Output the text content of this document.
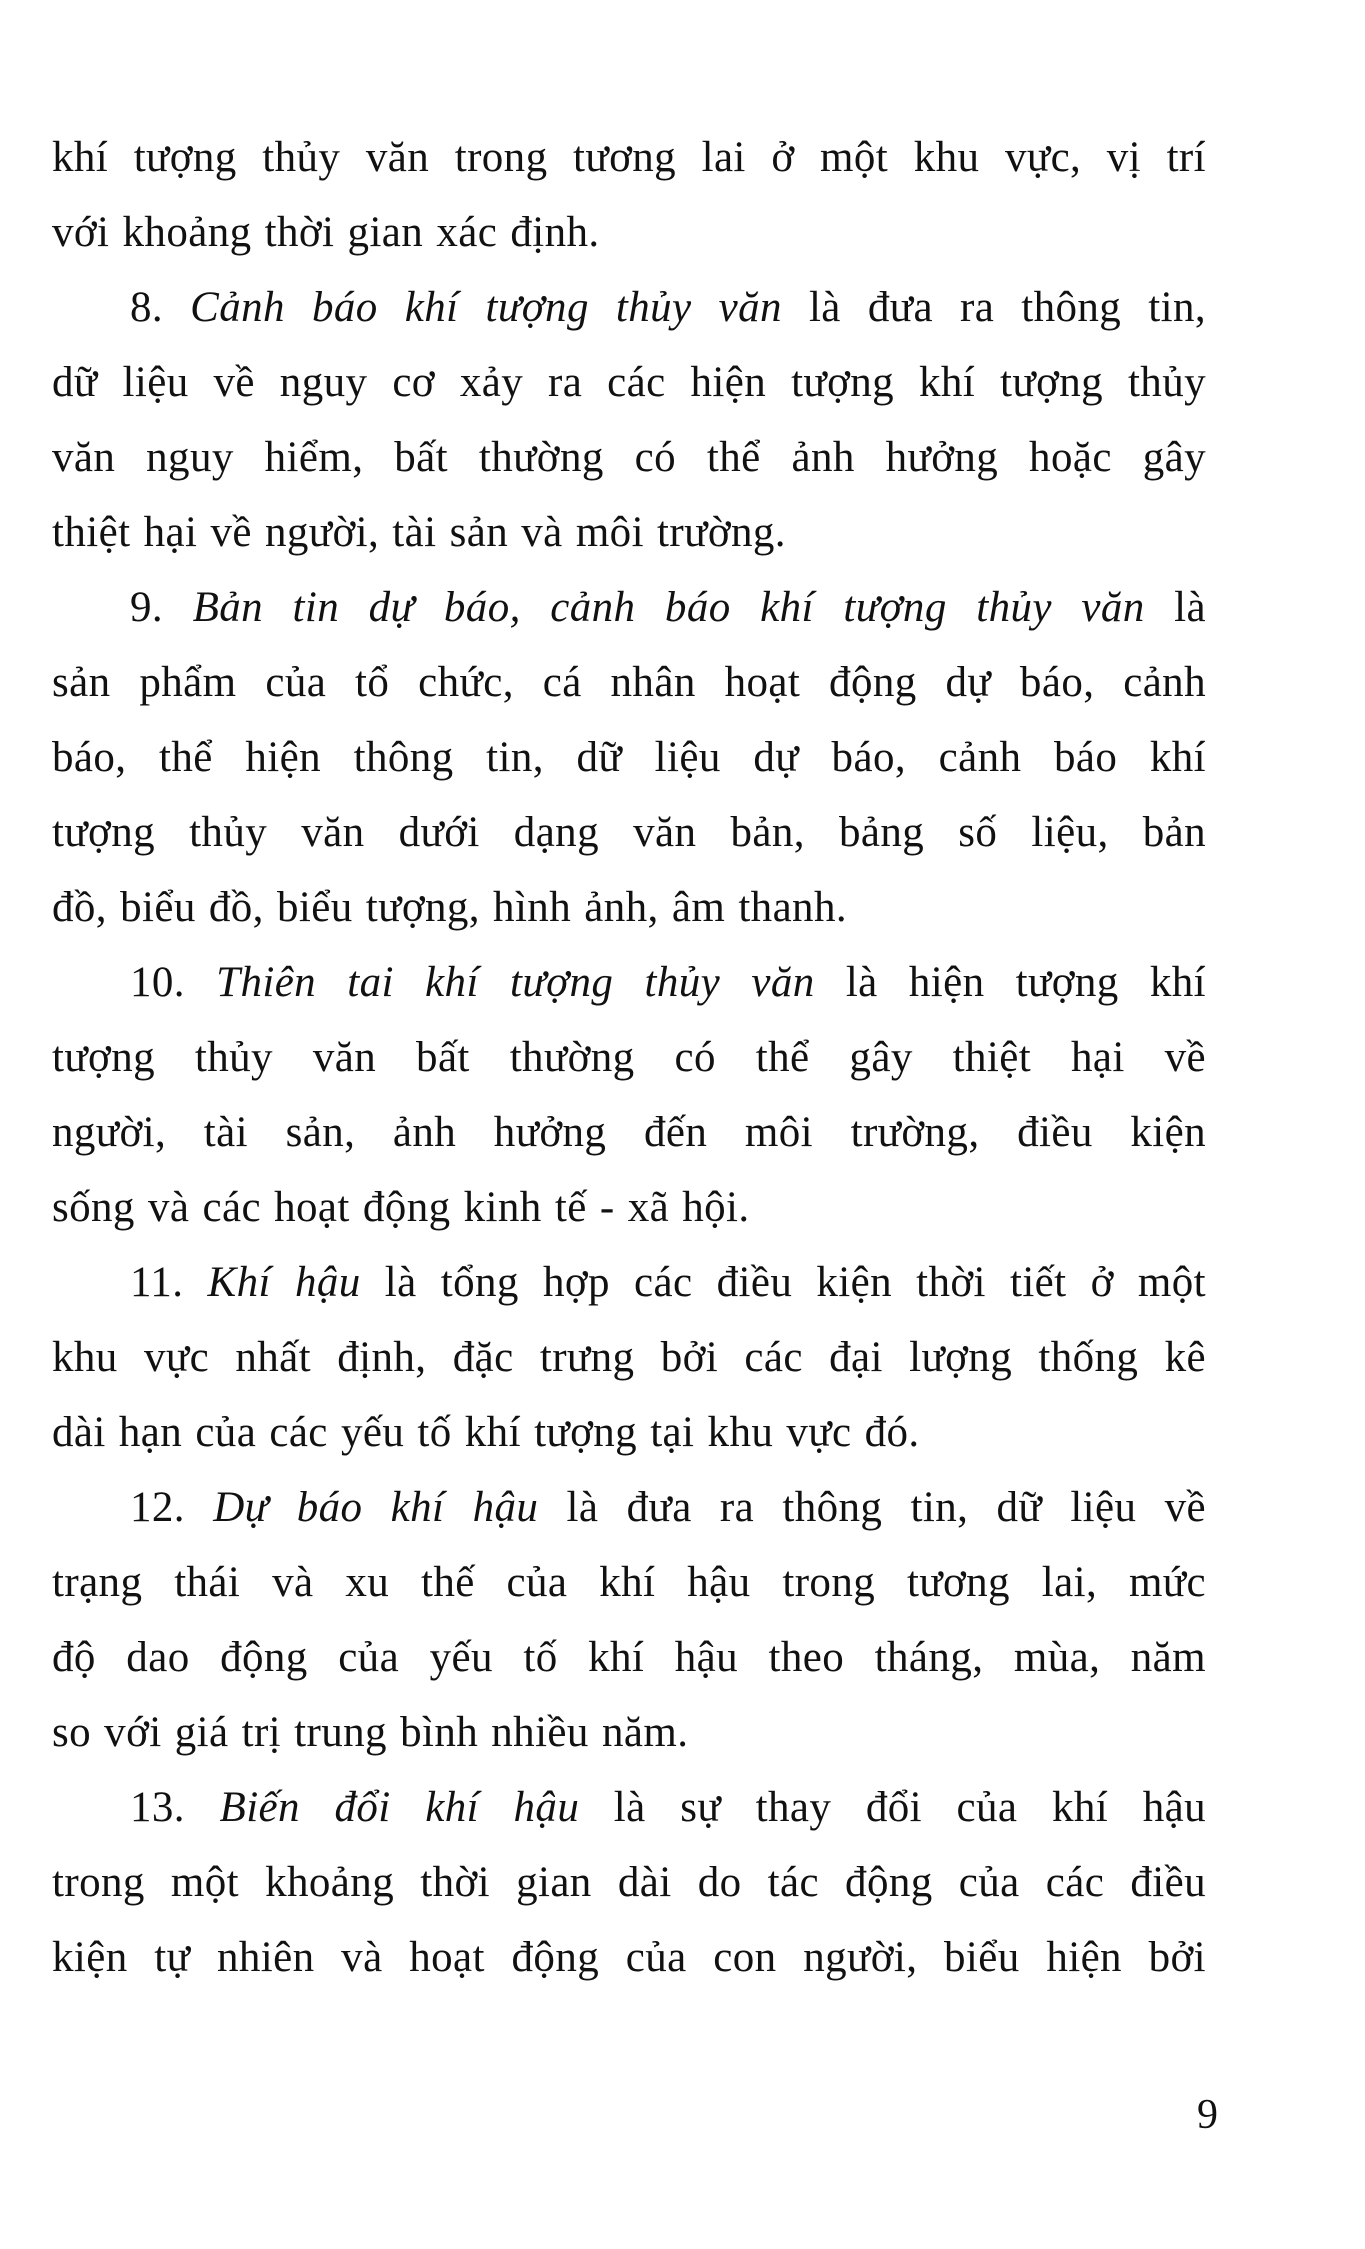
khí tượng thủy văn trong tương lai ở một khu vực, vị trí
với khoảng thời gian xác định.
8. Cảnh báo khí tượng thủy văn là đưa ra thông tin,
dữ liệu về nguy cơ xảy ra các hiện tượng khí tượng thủy
văn nguy hiểm, bất thường có thể ảnh hưởng hoặc gây
thiệt hại về người, tài sản và môi trường.
9. Bản tin dự báo, cảnh báo khí tượng thủy văn là
sản phẩm của tổ chức, cá nhân hoạt động dự báo, cảnh
báo, thể hiện thông tin, dữ liệu dự báo, cảnh báo khí
tượng thủy văn dưới dạng văn bản, bảng số liệu, bản
đồ, biểu đồ, biểu tượng, hình ảnh, âm thanh.
10. Thiên tai khí tượng thủy văn là hiện tượng khí
tượng thủy văn bất thường có thể gây thiệt hại về
người, tài sản, ảnh hưởng đến môi trường, điều kiện
sống và các hoạt động kinh tế - xã hội.
11. Khí hậu là tổng hợp các điều kiện thời tiết ở một
khu vực nhất định, đặc trưng bởi các đại lượng thống kê
dài hạn của các yếu tố khí tượng tại khu vực đó.
12. Dự báo khí hậu là đưa ra thông tin, dữ liệu về
trạng thái và xu thế của khí hậu trong tương lai, mức
độ dao động của yếu tố khí hậu theo tháng, mùa, năm
so với giá trị trung bình nhiều năm.
13. Biến đổi khí hậu là sự thay đổi của khí hậu
trong một khoảng thời gian dài do tác động của các điều
kiện tự nhiên và hoạt động của con người, biểu hiện bởi
9
